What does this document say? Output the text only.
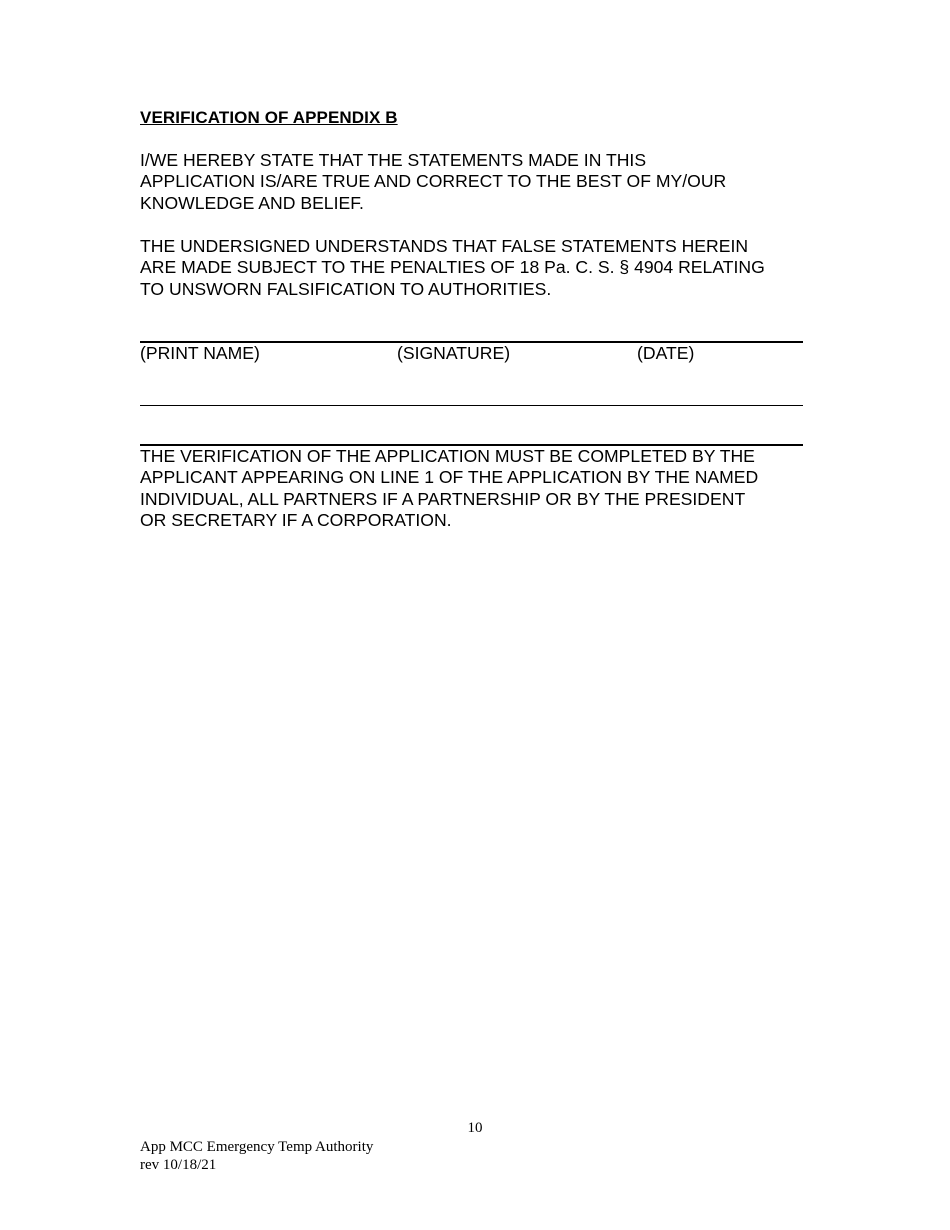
VERIFICATION OF APPENDIX B

I/WE HEREBY STATE THAT THE STATEMENTS MADE IN THIS
APPLICATION IS/ARE TRUE AND CORRECT TO THE BEST OF MY/OUR
KNOWLEDGE AND BELIEF.

THE UNDERSIGNED UNDERSTANDS THAT FALSE STATEMENTS HEREIN
ARE MADE SUBJECT TO THE PENALTIES OF 18 Pa. C. S. § 4904 RELATING
TO UNSWORN FALSIFICATION TO AUTHORITIES.

(PRINT NAME)	(SIGNATURE)	(DATE)

THE VERIFICATION OF THE APPLICATION MUST BE COMPLETED BY THE
APPLICANT APPEARING ON LINE 1 OF THE APPLICATION BY THE NAMED
INDIVIDUAL, ALL PARTNERS IF A PARTNERSHIP OR BY THE PRESIDENT
OR SECRETARY IF A CORPORATION.

10

App MCC Emergency Temp Authority
rev 10/18/21
